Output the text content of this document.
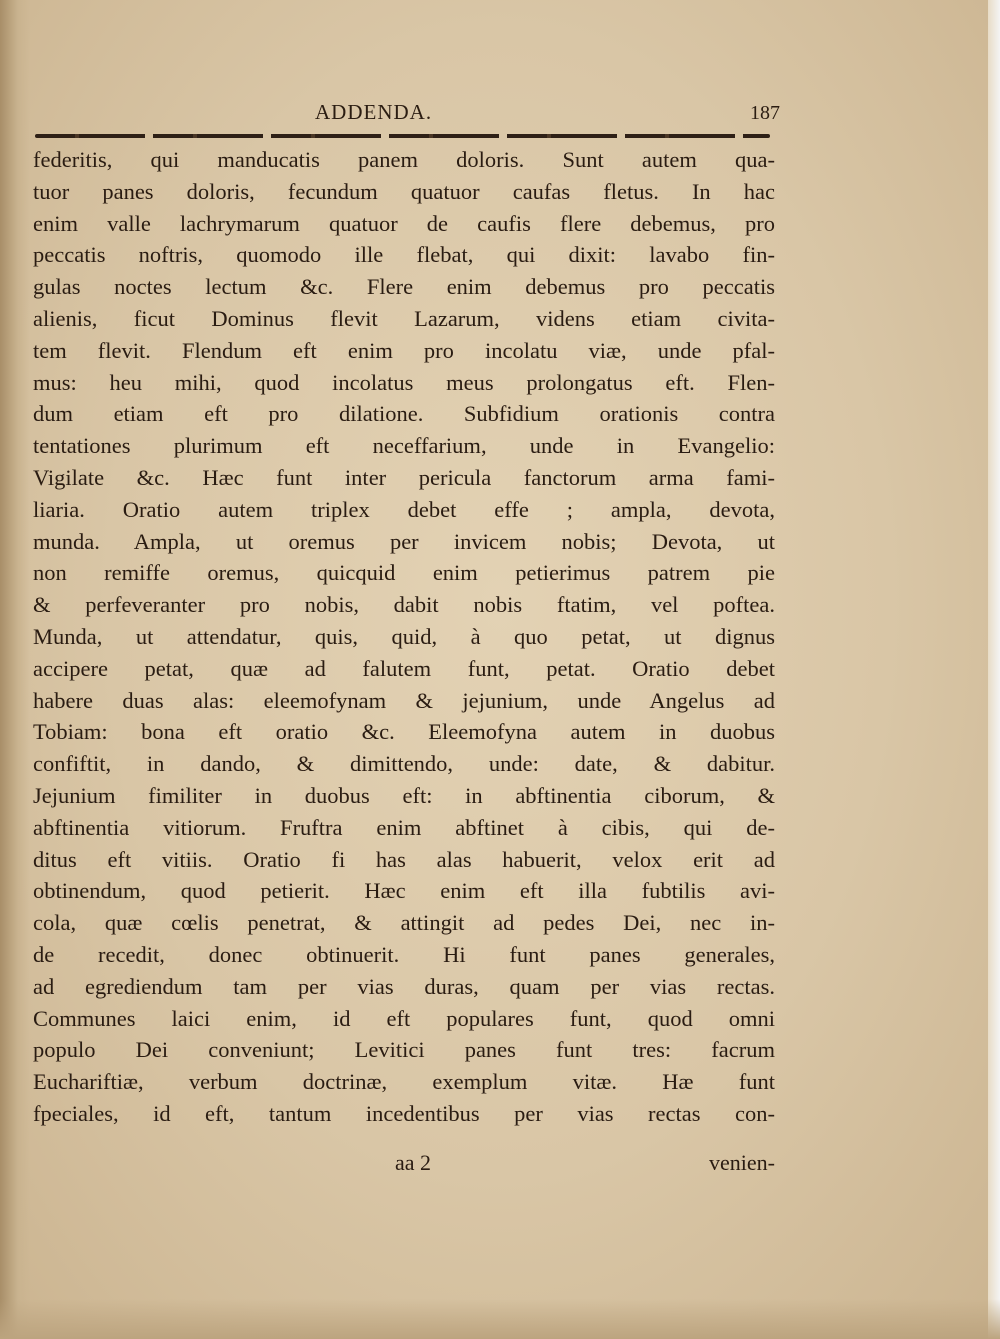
ADDENDA.	187
federitis, qui manducatis panem doloris. Sunt autem qua-
tuor panes doloris, fecundum quatuor caufas fletus. In hac
enim valle lachrymarum quatuor de caufis flere debemus, pro
peccatis noftris, quomodo ille flebat, qui dixit: lavabo fin-
gulas noctes lectum &c. Flere enim debemus pro peccatis
alienis, ficut Dominus flevit Lazarum, videns etiam civita-
tem flevit. Flendum eft enim pro incolatu viæ, unde pfal-
mus: heu mihi, quod incolatus meus prolongatus eft. Flen-
dum etiam eft pro dilatione. Subfidium orationis contra
tentationes plurimum eft neceffarium, unde in Evangelio:
Vigilate &c. Hæc funt inter pericula fanctorum arma fami-
liaria. Oratio autem triplex debet effe ; ampla, devota,
munda. Ampla, ut oremus per invicem nobis; Devota, ut
non remiffe oremus, quicquid enim petierimus patrem pie
& perfeveranter pro nobis, dabit nobis ftatim, vel poftea.
Munda, ut attendatur, quis, quid, à quo petat, ut dignus
accipere petat, quæ ad falutem funt, petat. Oratio debet
habere duas alas: eleemofynam & jejunium, unde Angelus ad
Tobiam: bona eft oratio &c. Eleemofyna autem in duobus
confiftit, in dando, & dimittendo, unde: date, & dabitur.
Jejunium fimiliter in duobus eft: in abftinentia ciborum, &
abftinentia vitiorum. Fruftra enim abftinet à cibis, qui de-
ditus eft vitiis. Oratio fi has alas habuerit, velox erit ad
obtinendum, quod petierit. Hæc enim eft illa fubtilis avi-
cola, quæ cœlis penetrat, & attingit ad pedes Dei, nec in-
de recedit, donec obtinuerit. Hi funt panes generales,
ad egrediendum tam per vias duras, quam per vias rectas.
Communes laici enim, id eft populares funt, quod omni
populo Dei conveniunt; Levitici panes funt tres: facrum
Euchariftiæ, verbum doctrinæ, exemplum vitæ. Hæ funt
fpeciales, id eft, tantum incedentibus per vias rectas con-
aa 2	venien-
